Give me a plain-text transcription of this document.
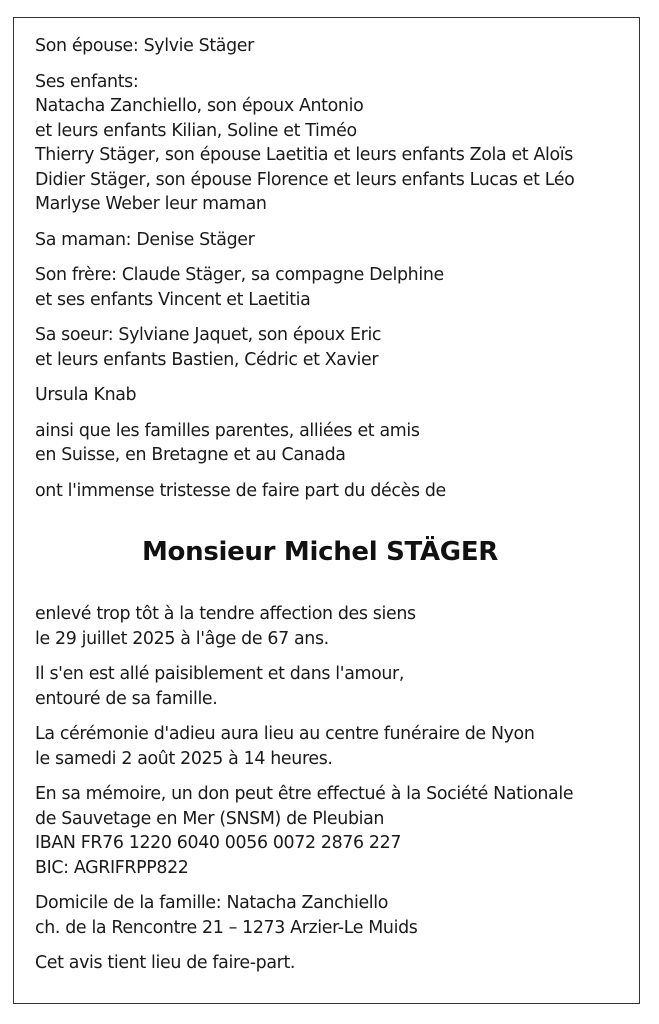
Son épouse: Sylvie Stäger

Ses enfants:
Natacha Zanchiello, son époux Antonio
et leurs enfants Kilian, Soline et Timéo
Thierry Stäger, son épouse Laetitia et leurs enfants Zola et Aloïs
Didier Stäger, son épouse Florence et leurs enfants Lucas et Léo
Marlyse Weber leur maman

Sa maman: Denise Stäger

Son frère: Claude Stäger, sa compagne Delphine
et ses enfants Vincent et Laetitia

Sa soeur: Sylviane Jaquet, son époux Eric
et leurs enfants Bastien, Cédric et Xavier

Ursula Knab

ainsi que les familles parentes, alliées et amis
en Suisse, en Bretagne et au Canada

ont l'immense tristesse de faire part du décès de

Monsieur Michel STÄGER

enlevé trop tôt à la tendre affection des siens
le 29 juillet 2025 à l'âge de 67 ans.

Il s'en est allé paisiblement et dans l'amour,
entouré de sa famille.

La cérémonie d'adieu aura lieu au centre funéraire de Nyon
le samedi 2 août 2025 à 14 heures.

En sa mémoire, un don peut être effectué à la Société Nationale
de Sauvetage en Mer (SNSM) de Pleubian
IBAN FR76 1220 6040 0056 0072 2876 227
BIC: AGRIFRPP822

Domicile de la famille: Natacha Zanchiello
ch. de la Rencontre 21 – 1273 Arzier-Le Muids

Cet avis tient lieu de faire-part.
